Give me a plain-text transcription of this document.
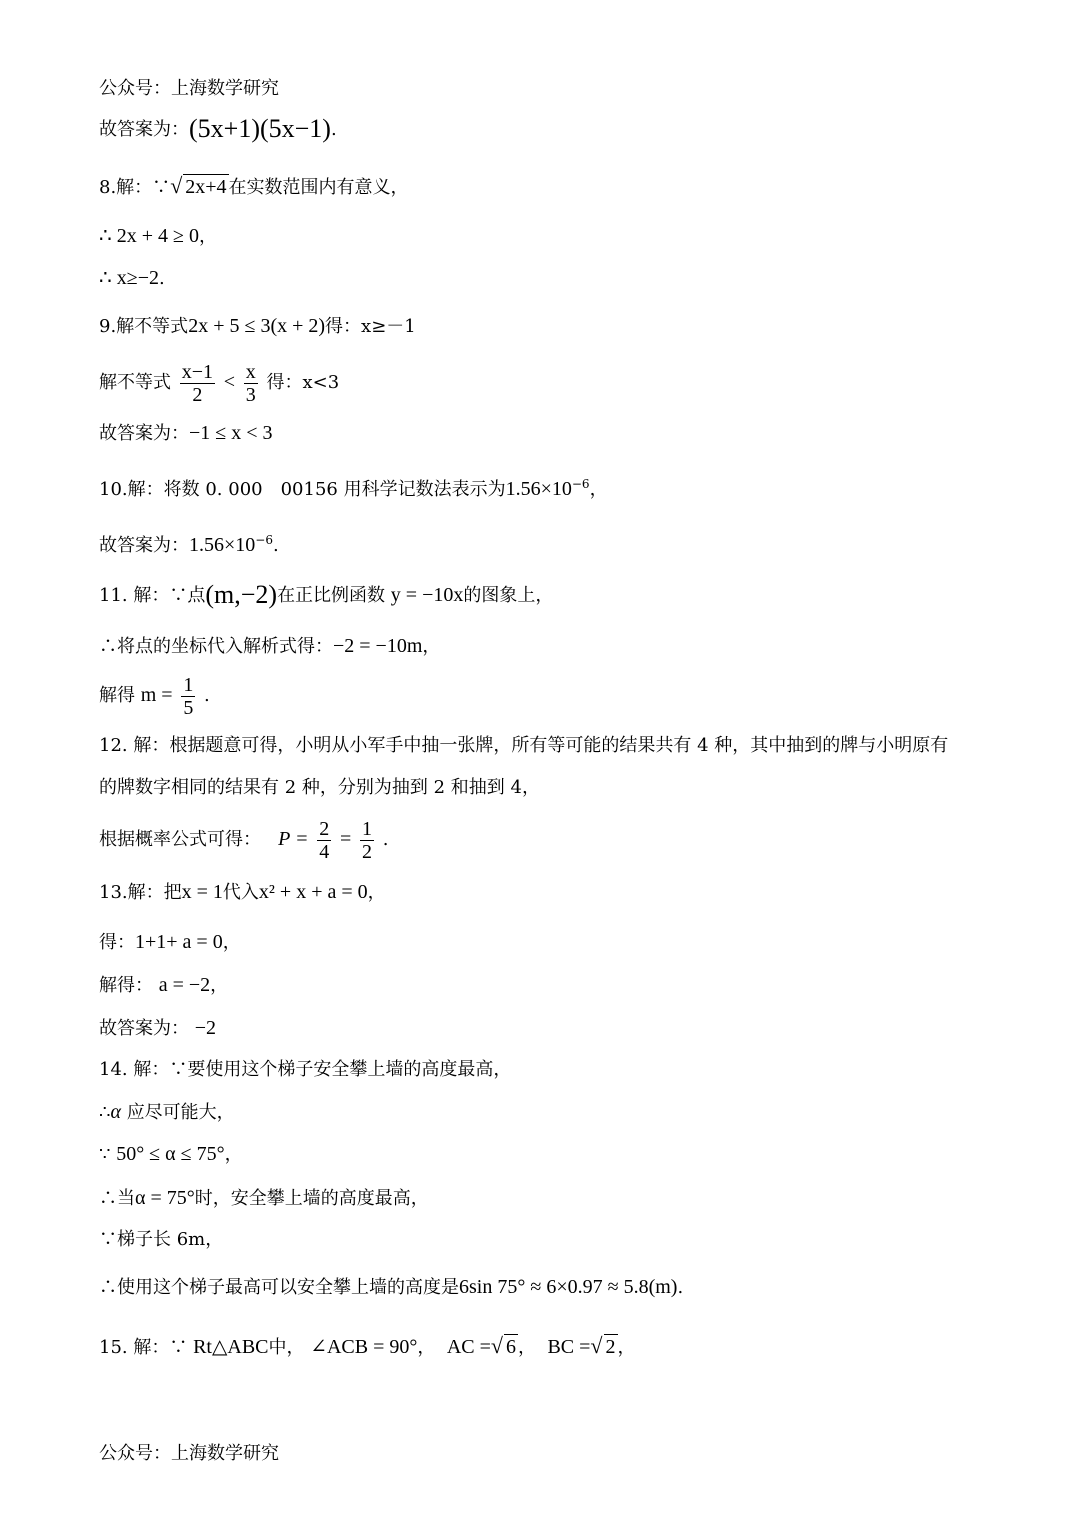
公众号：上海数学研究
故答案为：(5x+1)(5x−1).
8.解：∵√ 2x+4 在实数范围内有意义，
∴ 2x + 4 ≥ 0，
∴ x≥−2.
9.解不等式2x + 5 ≤ 3(x + 2)得：x≥－1
解不等式 $\frac{x-1}{2} < \frac{x}{3}$ 得：x<3
故答案为：−1 ≤ x < 3
10.解：将数 0. 000　00156 用科学记数法表示为$1.56\times 10^{-6}$，
故答案为：$1.56\times 10^{-6}$.
11. 解：∵点(m,−2)在正比例函数 y = −10x的图象上，
∴将点的坐标代入解析式得：−2 = −10m，
解得 $m = \frac{1}{5}$ .
12. 解：根据题意可得，小明从小军手中抽一张牌，所有等可能的结果共有 4 种，其中抽到的牌与小明原有
的牌数字相同的结果有 2 种，分别为抽到 2 和抽到 4，
根据概率公式可得： $P = \frac{2}{4} = \frac{1}{2}$ .
13.解：把x = 1代入x² + x + a = 0，
得：1+1+ a = 0，
解得： a = −2，
故答案为： −2
14. 解：∵要使用这个梯子安全攀上墙的高度最高，
∴α 应尽可能大，
∵ 50° ≤ α ≤ 75°，
∴当α = 75°时，安全攀上墙的高度最高，
∵梯子长 6m，
∴使用这个梯子最高可以安全攀上墙的高度是6sin 75° ≈ 6×0.97 ≈ 5.8(m).
15. 解：∵ Rt△ABC中， ∠ACB = 90°， AC =√ 6 ， BC =√ 2 ，
公众号：上海数学研究
